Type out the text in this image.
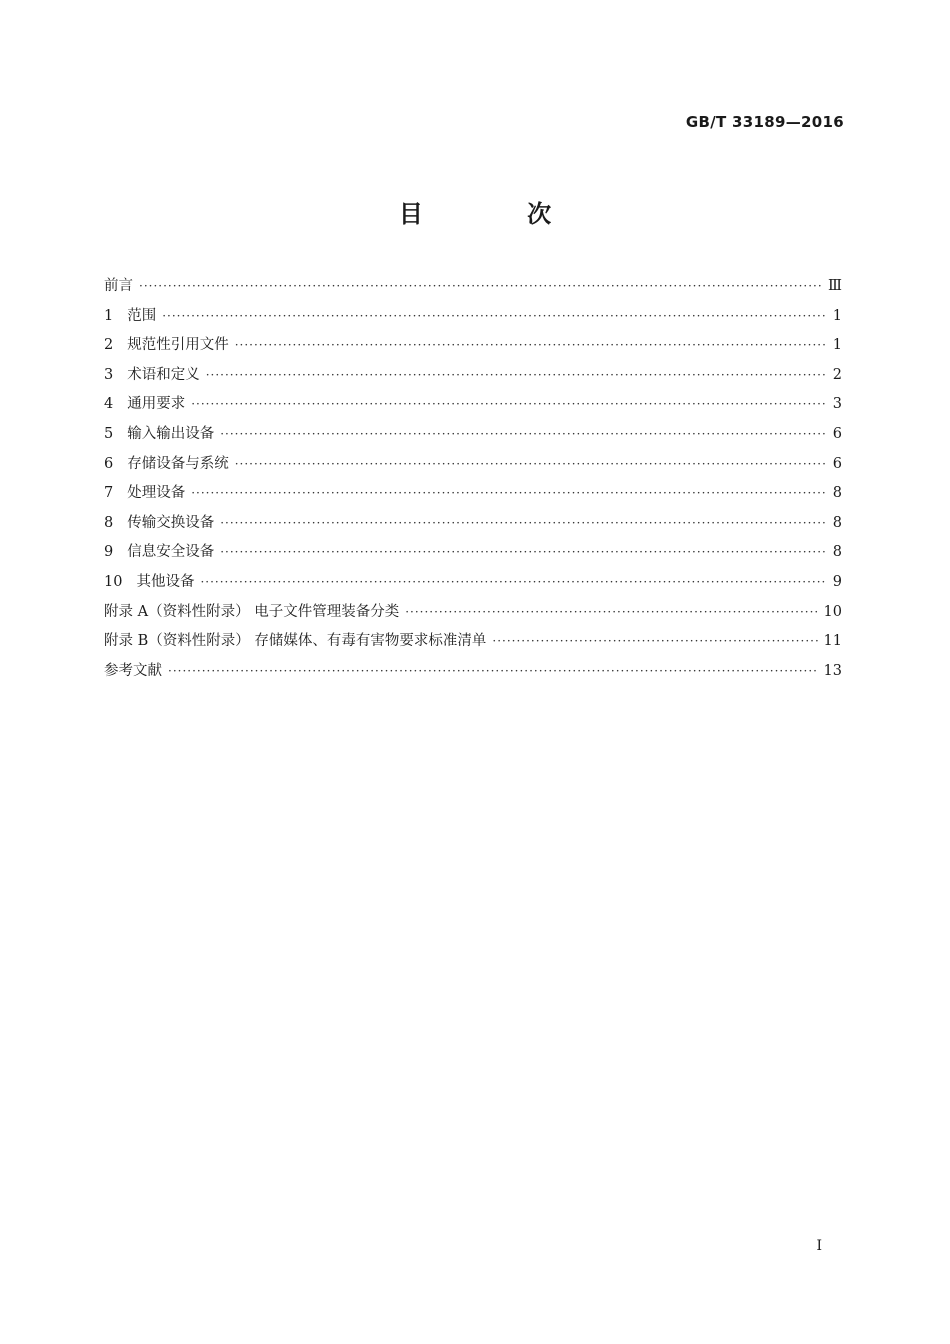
GB/T 33189—2016
目 次
前言 ·····	Ⅲ
1 范围 ·····	1
2 规范性引用文件 ·····	1
3 术语和定义 ·····	2
4 通用要求 ·····	3
5 输入输出设备 ·····	6
6 存储设备与系统 ·····	6
7 处理设备 ·····	8
8 传输交换设备 ·····	8
9 信息安全设备 ·····	8
10 其他设备 ·····	9
附录 A（资料性附录） 电子文件管理装备分类 ·····	10
附录 B（资料性附录） 存储媒体、有毒有害物要求标准清单 ·····	11
参考文献 ·····	13
I
